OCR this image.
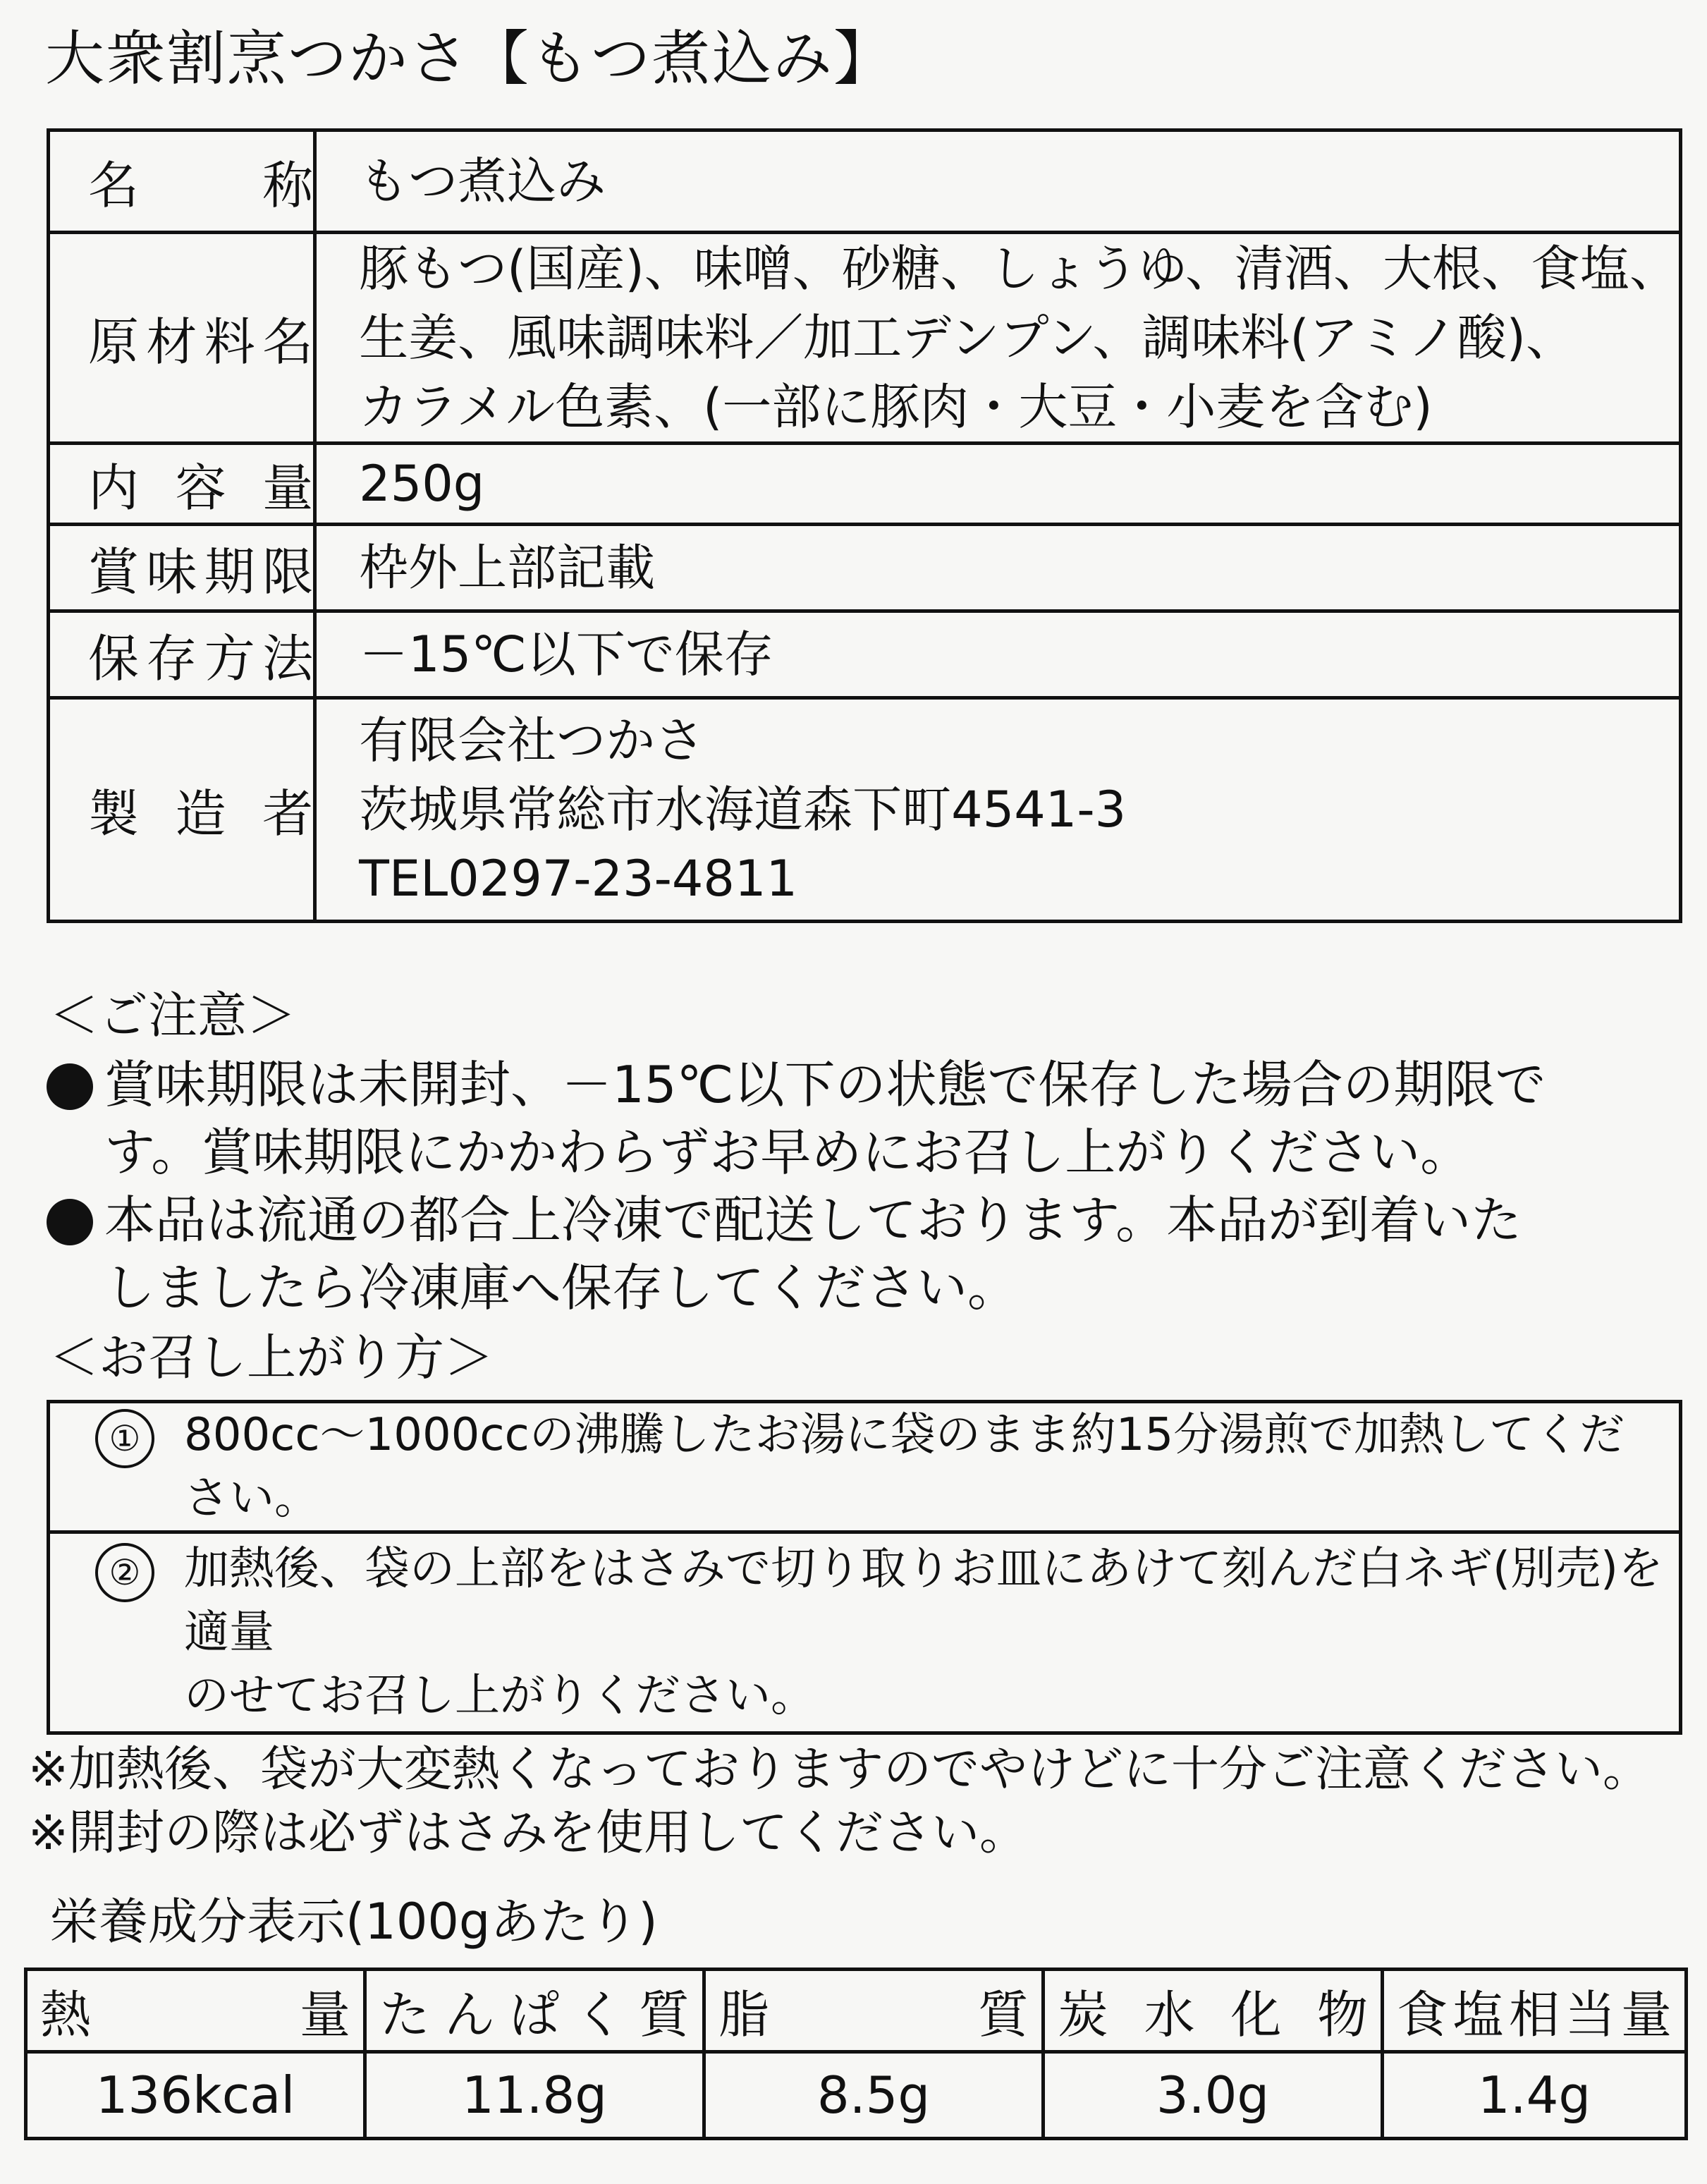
大衆割烹つかさ【もつ煮込み】
名　　称	もつ煮込み

原材料名	豚もつ(国産)、味噌、砂糖、しょうゆ、清酒、大根、食塩、
生姜、風味調味料／加工デンプン、調味料(アミノ酸)、
カラメル色素、(一部に豚肉・大豆・小麦を含む)

内 容 量	250g

賞味期限	枠外上部記載

保存方法	－15℃以下で保存

製 造 者	有限会社つかさ
茨城県常総市水海道森下町4541-3
TEL0297-23-4811
＜ご注意＞
賞味期限は未開封、－15℃以下の状態で保存した場合の期限で
す。賞味期限にかかわらずお早めにお召し上がりください。
本品は流通の都合上冷凍で配送しております。本品が到着いた
しましたら冷凍庫へ保存してください。
＜お召し上がり方＞
① 800cc～1000ccの沸騰したお湯に袋のまま約15分湯煎で加熱してください。

② 加熱後、袋の上部をはさみで切り取りお皿にあけて刻んだ白ネギ(別売)を適量
のせてお召し上がりください。
※加熱後、袋が大変熱くなっておりますのでやけどに十分ご注意ください。
※開封の際は必ずはさみを使用してください。
栄養成分表示(100gあたり)
熱　　　量	たんぱく質	脂　　　質	炭 水 化 物	食塩相当量
136kcal	11.8g	8.5g	3.0g	1.4g
